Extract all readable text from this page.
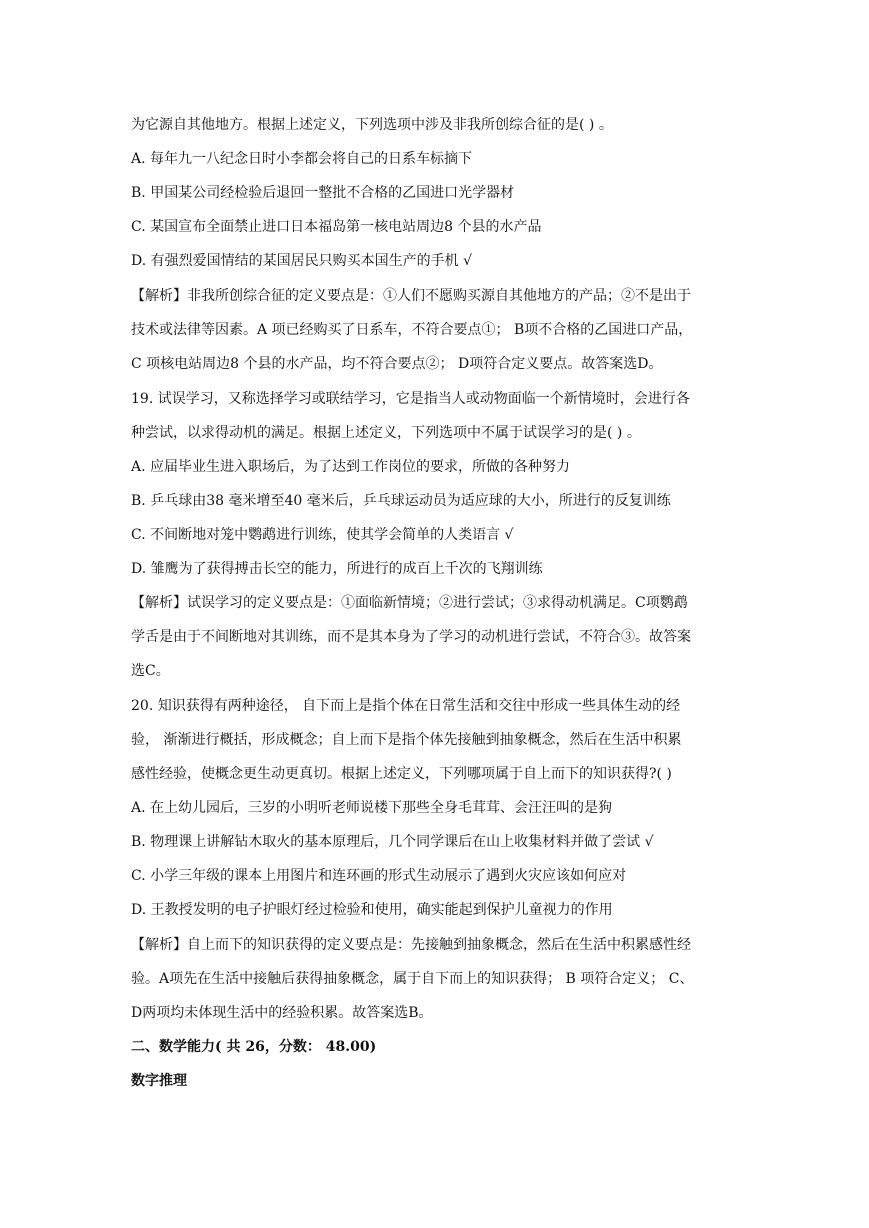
为它源自其他地方。根据上述定义，下列选项中涉及非我所创综合征的是( ) 。
A. 每年九一八纪念日时小李都会将自己的日系车标摘下
B. 甲国某公司经检验后退回一整批不合格的乙国进口光学器材
C. 某国宣布全面禁止进口日本福岛第一核电站周边8 个县的水产品
D. 有强烈爱国情结的某国居民只购买本国生产的手机 √
【解析】非我所创综合征的定义要点是：①人们不愿购买源自其他地方的产品；②不是出于
技术或法律等因素。A 项已经购买了日系车，不符合要点①； B项不合格的乙国进口产品，
C 项核电站周边8 个县的水产品，均不符合要点②； D项符合定义要点。故答案选D。
19. 试误学习，又称选择学习或联结学习，它是指当人或动物面临一个新情境时，会进行各
种尝试，以求得动机的满足。根据上述定义，下列选项中不属于试误学习的是( ) 。
A. 应届毕业生进入职场后，为了达到工作岗位的要求，所做的各种努力
B. 乒乓球由38 毫米增至40 毫米后，乒乓球运动员为适应球的大小，所进行的反复训练
C. 不间断地对笼中鹦鹉进行训练，使其学会简单的人类语言 √
D. 雏鹰为了获得搏击长空的能力，所进行的成百上千次的飞翔训练
【解析】试误学习的定义要点是：①面临新情境；②进行尝试；③求得动机满足。C项鹦鹉
学舌是由于不间断地对其训练，而不是其本身为了学习的动机进行尝试，不符合③。故答案
选C。
20. 知识获得有两种途径， 自下而上是指个体在日常生活和交往中形成一些具体生动的经
验， 渐渐进行概括，形成概念；自上而下是指个体先接触到抽象概念，然后在生活中积累
感性经验，使概念更生动更真切。根据上述定义，下列哪项属于自上而下的知识获得?( )
A. 在上幼儿园后，三岁的小明听老师说楼下那些全身毛茸茸、会汪汪叫的是狗
B. 物理课上讲解钻木取火的基本原理后，几个同学课后在山上收集材料并做了尝试 √
C. 小学三年级的课本上用图片和连环画的形式生动展示了遇到火灾应该如何应对
D. 王教授发明的电子护眼灯经过检验和使用，确实能起到保护儿童视力的作用
【解析】自上而下的知识获得的定义要点是：先接触到抽象概念，然后在生活中积累感性经
验。A项先在生活中接触后获得抽象概念，属于自下而上的知识获得； B 项符合定义； C、
D两项均未体现生活中的经验积累。故答案选B。
二、数学能力( 共 26，分数： 48.00)
数字推理
